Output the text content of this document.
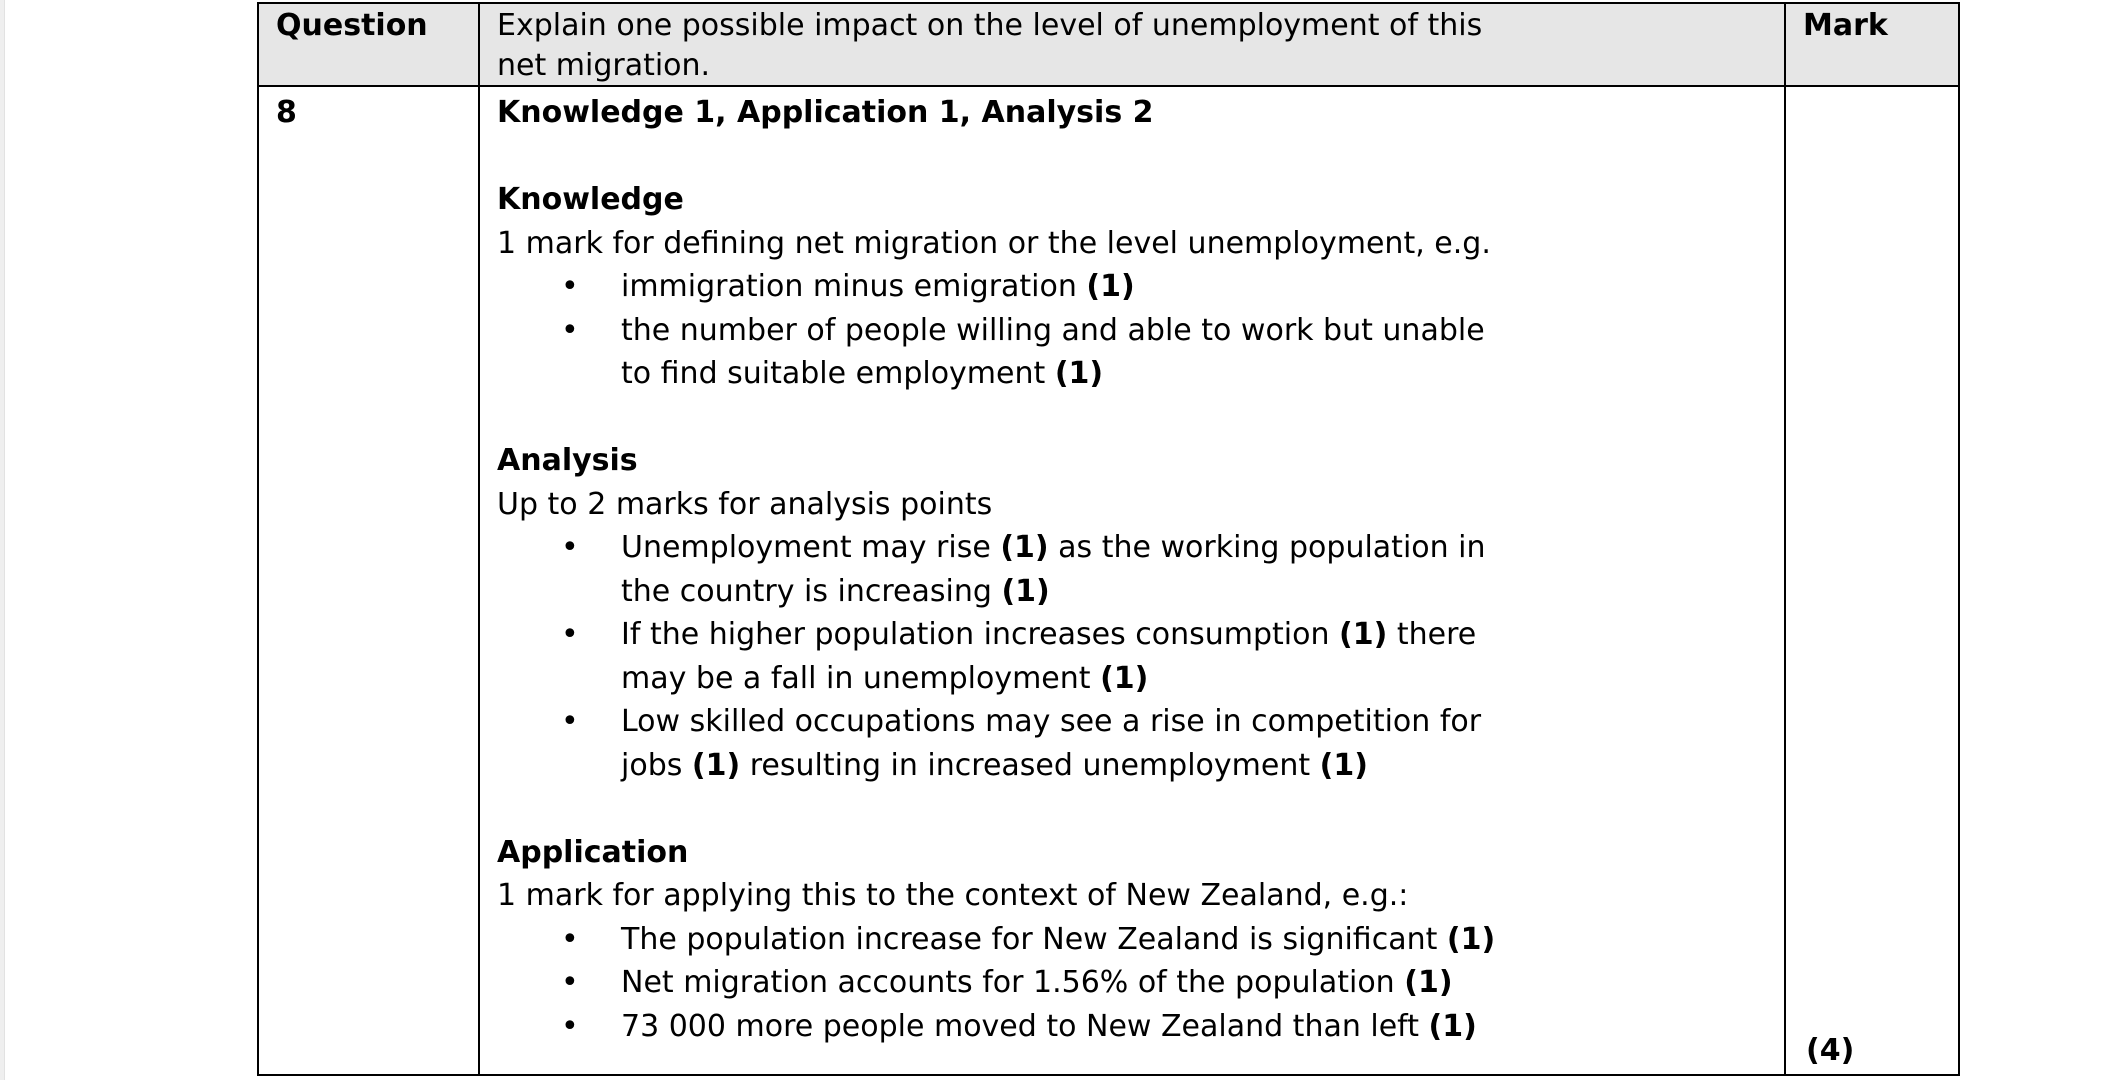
Question	Explain one possible impact on the level of unemployment of this
net migration.
Mark
8	Knowledge 1, Application 1, Analysis 2
Knowledge
1 mark for defining net migration or the level unemployment, e.g.
• immigration minus emigration (1)
• the number of people willing and able to work but unable
to find suitable employment (1)
Analysis
Up to 2 marks for analysis points
• Unemployment may rise (1) as the working population in
the country is increasing (1)
• If the higher population increases consumption (1) there
may be a fall in unemployment (1)
• Low skilled occupations may see a rise in competition for
jobs (1) resulting in increased unemployment (1)
Application
1 mark for applying this to the context of New Zealand, e.g.:
• The population increase for New Zealand is significant (1)
• Net migration accounts for 1.56% of the population (1)
• 73 000 more people moved to New Zealand than left (1)
(4)
